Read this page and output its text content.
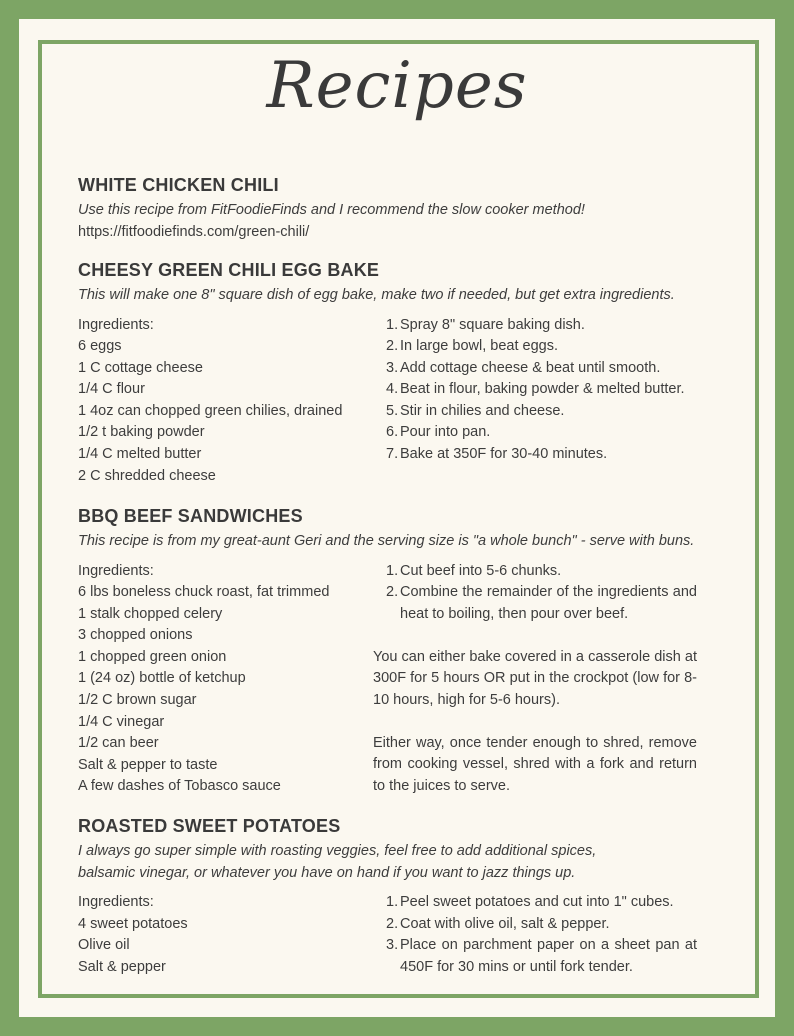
Recipes
WHITE CHICKEN CHILI
Use this recipe from FitFoodieFinds and I recommend the slow cooker method!
https://fitfoodiefinds.com/green-chili/
CHEESY GREEN CHILI EGG BAKE
This will make one 8" square dish of egg bake, make two if needed, but get extra ingredients.
Ingredients:
6 eggs
1 C cottage cheese
1/4 C flour
1 4oz can chopped green chilies, drained
1/2 t baking powder
1/4 C melted butter
2 C shredded cheese
Spray 8" square baking dish.
In large bowl, beat eggs.
Add cottage cheese & beat until smooth.
Beat in flour, baking powder & melted butter.
Stir in chilies and cheese.
Pour into pan.
Bake at 350F for 30-40 minutes.
BBQ BEEF SANDWICHES
This recipe is from my great-aunt Geri and the serving size is "a whole bunch" - serve with buns.
Ingredients:
6 lbs boneless chuck roast, fat trimmed
1 stalk chopped celery
3 chopped onions
1 chopped green onion
1 (24 oz) bottle of ketchup
1/2 C brown sugar
1/4 C vinegar
1/2 can beer
Salt & pepper to taste
A few dashes of Tobasco sauce
Cut beef into 5-6 chunks.
Combine the remainder of the ingredients and heat to boiling, then pour over beef.
You can either bake covered in a casserole dish at 300F for 5 hours OR put in the crockpot (low for 8-10 hours, high for 5-6 hours).
Either way, once tender enough to shred, remove from cooking vessel, shred with a fork and return to the juices to serve.
ROASTED SWEET POTATOES
I always go super simple with roasting veggies, feel free to add additional spices,
balsamic vinegar, or whatever you have on hand if you want to jazz things up.
Ingredients:
4 sweet potatoes
Olive oil
Salt & pepper
Peel sweet potatoes and cut into 1" cubes.
Coat with olive oil, salt & pepper.
Place on parchment paper on a sheet pan at 450F for 30 mins or until fork tender.
